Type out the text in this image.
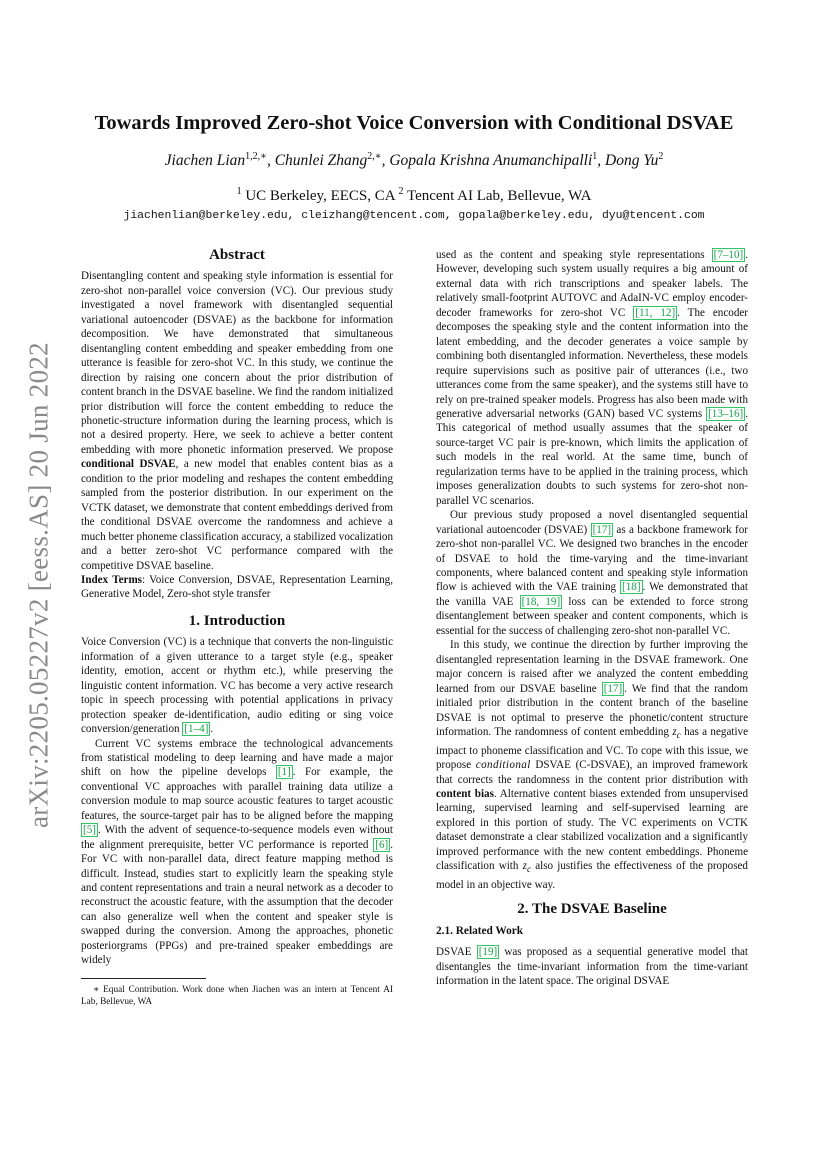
arXiv:2205.05227v2 [eess.AS] 20 Jun 2022
Towards Improved Zero-shot Voice Conversion with Conditional DSVAE
Jiachen Lian$^{1,2,∗}$, Chunlei Zhang$^{2,∗}$, Gopala Krishna Anumanchipalli$^1$, Dong Yu$^2$
$^1$ UC Berkeley, EECS, CA $^2$ Tencent AI Lab, Bellevue, WA
jiachenlian@berkeley.edu, cleizhang@tencent.com, gopala@berkeley.edu, dyu@tencent.com
Abstract

Disentangling content and speaking style information is essential for zero-shot non-parallel voice conversion (VC). Our previous study investigated a novel framework with disentangled sequential variational autoencoder (DSVAE) as the backbone for information decomposition. We have demonstrated that simultaneous disentangling content embedding and speaker embedding from one utterance is feasible for zero-shot VC. In this study, we continue the direction by raising one concern about the prior distribution of content branch in the DSVAE baseline. We find the random initialized prior distribution will force the content embedding to reduce the phonetic-structure information during the learning process, which is not a desired property. Here, we seek to achieve a better content embedding with more phonetic information preserved. We propose conditional DSVAE, a new model that enables content bias as a condition to the prior modeling and reshapes the content embedding sampled from the posterior distribution. In our experiment on the VCTK dataset, we demonstrate that content embeddings derived from the conditional DSVAE overcome the randomness and achieve a much better phoneme classification accuracy, a stabilized vocalization and a better zero-shot VC performance compared with the competitive DSVAE baseline.

Index Terms: Voice Conversion, DSVAE, Representation Learning, Generative Model, Zero-shot style transfer

1. Introduction

Voice Conversion (VC) is a technique that converts the non-linguistic information of a given utterance to a target style (e.g., speaker identity, emotion, accent or rhythm etc.), while preserving the linguistic content information. VC has become a very active research topic in speech processing with potential applications in privacy protection speaker de-identification, audio editing or sing voice conversion/generation [1–4] .

Current VC systems embrace the technological advancements from statistical modeling to deep learning and have made a major shift on how the pipeline develops [1] . For example, the conventional VC approaches with parallel training data utilize a conversion module to map source acoustic features to target acoustic features, the source-target pair has to be aligned before the mapping [5] . With the advent of sequence-to-sequence models even without the alignment prerequisite, better VC performance is reported [6] . For VC with non-parallel data, direct feature mapping method is difficult. Instead, studies start to explicitly learn the speaking style and content representations and train a neural network as a decoder to reconstruct the acoustic feature, with the assumption that the decoder can also generalize well when the content and speaker style is swapped during the conversion. Among the approaches, phonetic posteriorgrams (PPGs) and pre-trained speaker embeddings are widely

∗ Equal Contribution. Work done when Jiachen was an intern at Tencent AI Lab, Bellevue, WA

used as the content and speaking style representations [7–10] . However, developing such system usually requires a big amount of external data with rich transcriptions and speaker labels. The relatively small-footprint AUTOVC and AdaIN-VC employ encoder-decoder frameworks for zero-shot VC [11, 12] . The encoder decomposes the speaking style and the content information into the latent embedding, and the decoder generates a voice sample by combining both disentangled information. Nevertheless, these models require supervisions such as positive pair of utterances (i.e., two utterances come from the same speaker), and the systems still have to rely on pre-trained speaker models. Progress has also been made with generative adversarial networks (GAN) based VC systems [13–16] . This categorical of method usually assumes that the speaker of source-target VC pair is pre-known, which limits the application of such models in the real world. At the same time, bunch of regularization terms have to be applied in the training process, which imposes generalization doubts to such systems for zero-shot non-parallel VC scenarios.

Our previous study proposed a novel disentangled sequential variational autoencoder (DSVAE) [17] as a backbone framework for zero-shot non-parallel VC. We designed two branches in the encoder of DSVAE to hold the time-varying and the time-invariant components, where balanced content and speaking style information flow is achieved with the VAE training [18] . We demonstrated that the vanilla VAE [18, 19] loss can be extended to force strong disentanglement between speaker and content components, which is essential for the success of challenging zero-shot non-parallel VC.

In this study, we continue the direction by further improving the disentangled representation learning in the DSVAE framework. One major concern is raised after we analyzed the content embedding learned from our DSVAE baseline [17] . We find that the random initialed prior distribution in the content branch of the baseline DSVAE is not optimal to preserve the phonetic/content structure information. The randomness of content embedding $z_c$ has a negative impact to phoneme classification and VC. To cope with this issue, we propose conditional DSVAE (C-DSVAE), an improved framework that corrects the randomness in the content prior distribution with content bias. Alternative content biases extended from unsupervised learning, supervised learning and self-supervised learning are explored in this portion of study. The VC experiments on VCTK dataset demonstrate a clear stabilized vocalization and a significantly improved performance with the new content embeddings. Phoneme classification with $z_c$ also justifies the effectiveness of the proposed model in an objective way.

2. The DSVAE Baseline
2.1. Related Work

DSVAE [19] was proposed as a sequential generative model that disentangles the time-invariant information from the time-variant information in the latent space. The original DSVAE
